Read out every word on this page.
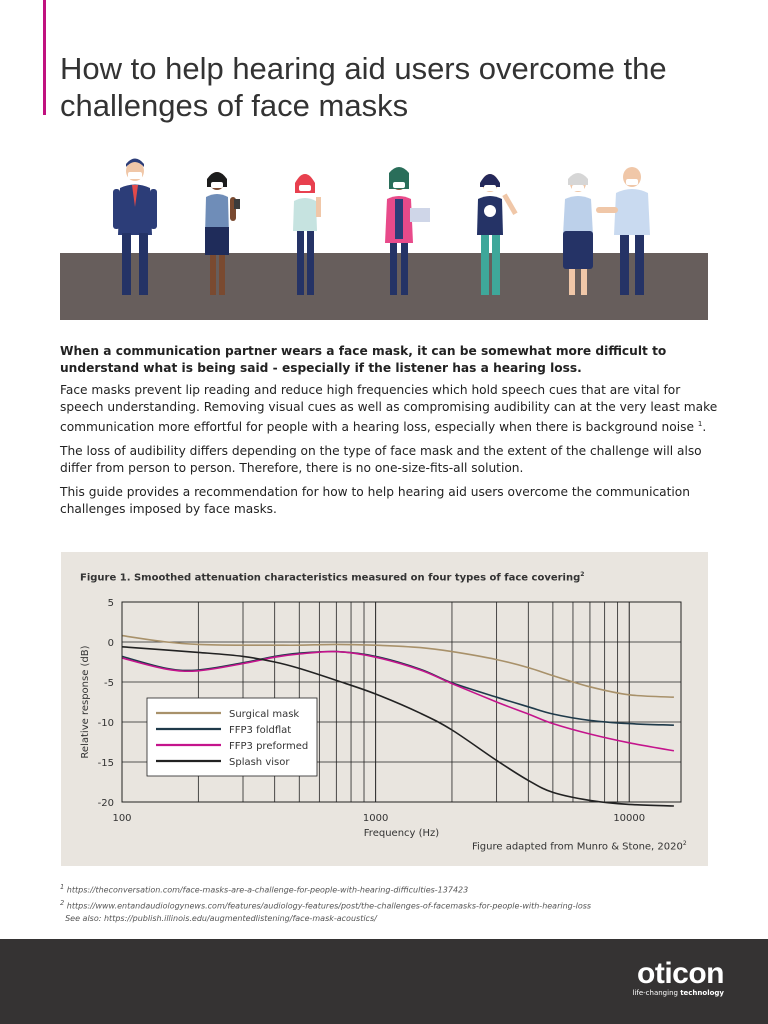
How to help hearing aid users overcome the challenges of face masks

When a communication partner wears a face mask, it can be somewhat more difficult to understand what is being said - especially if the listener has a hearing loss.

Face masks prevent lip reading and reduce high frequencies which hold speech cues that are vital for speech understanding. Removing visual cues as well as compromising audibility can at the very least make communication more effortful for people with a hearing loss, especially when there is background noise $^1$.

The loss of audibility differs depending on the type of face mask and the extent of the challenge will also differ from person to person. Therefore, there is no one-size-fits-all solution.

This guide provides a recommendation for how to help hearing aid users overcome the communication challenges imposed by face masks.

Figure 1. Smoothed attenuation characteristics measured on four types of face covering$^2$
5
0
-5
-10
-15
-20
100	1000	10000
Frequency (Hz)
Relative response (dB)	Surgical mask
FFP3 foldflat
FFP3 preformed
Splash visor
Figure adapted from Munro & Stone, 2020$^2$
$^1$ https://theconversation.com/face-masks-are-a-challenge-for-people-with-hearing-difficulties-137423
$^2$ https://www.entandaudiologynews.com/features/audiology-features/post/the-challenges-of-facemasks-for-people-with-hearing-loss
See also: https://publish.illinois.edu/augmentedlistening/face-mask-acoustics/
oticon
life-changing technology
